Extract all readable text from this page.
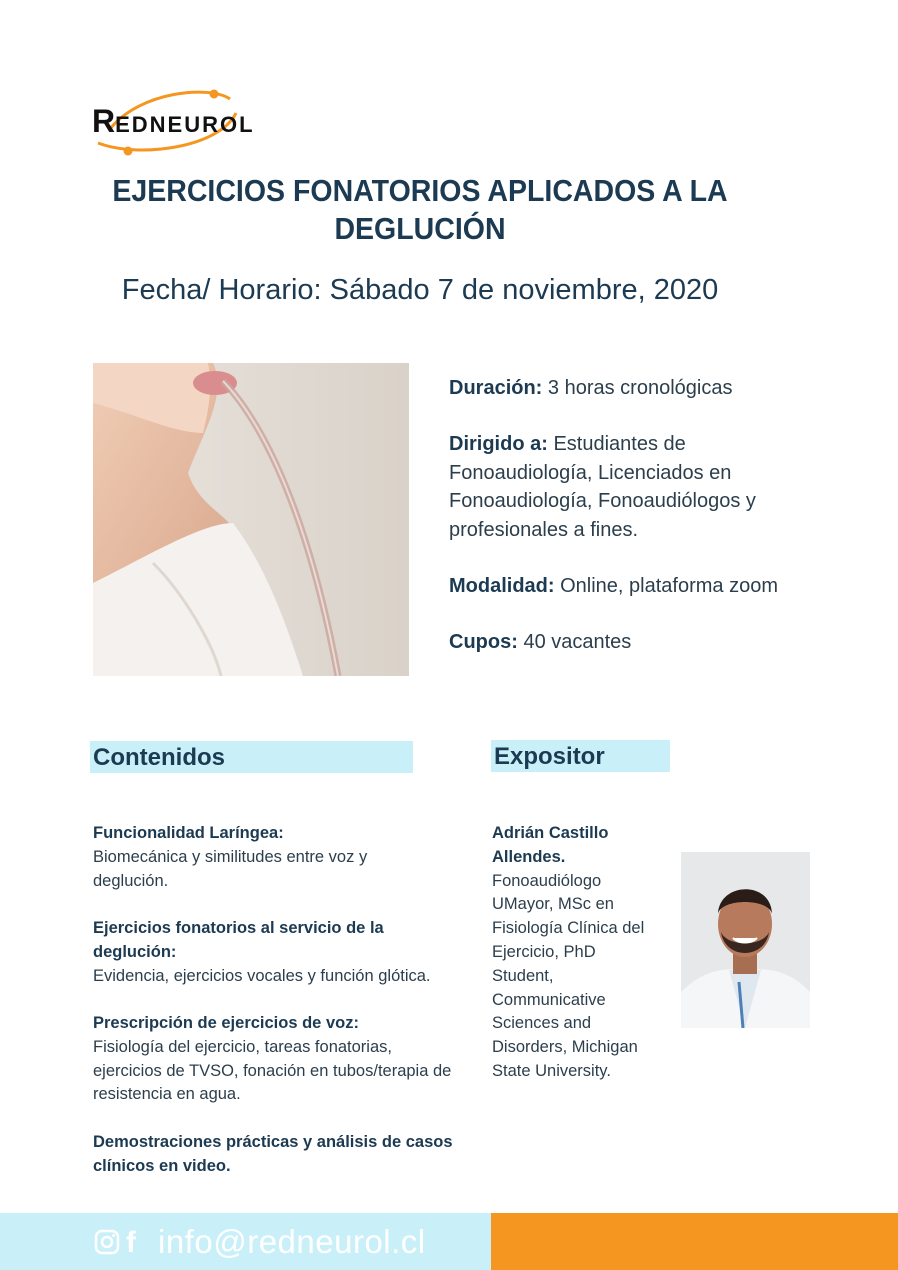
REDNEUROL
EJERCICIOS FONATORIOS APLICADOS A LA
DEGLUCIÓN
Fecha/ Horario: Sábado 7 de noviembre, 2020
Duración: 3 horas cronológicas
Dirigido a: Estudiantes de Fonoaudiología, Licenciados en Fonoaudiología, Fonoaudiólogos y profesionales a fines.
Modalidad: Online, plataforma zoom
Cupos: 40 vacantes
Contenidos	Expositor
Funcionalidad Laríngea:
Biomecánica y similitudes entre voz y deglución.
Ejercicios fonatorios al servicio de la deglución:
Evidencia, ejercicios vocales y función glótica.
Prescripción de ejercicios de voz:
Fisiología del ejercicio, tareas fonatorias, ejercicios de TVSO, fonación en tubos/terapia de resistencia en agua.
Demostraciones prácticas y análisis de casos clínicos en video.
Adrián Castillo Allendes.
Fonoaudiólogo UMayor, MSc en Fisiología Clínica del Ejercicio, PhD Student, Communicative Sciences and Disorders, Michigan State University.
f info@redneurol.cl
